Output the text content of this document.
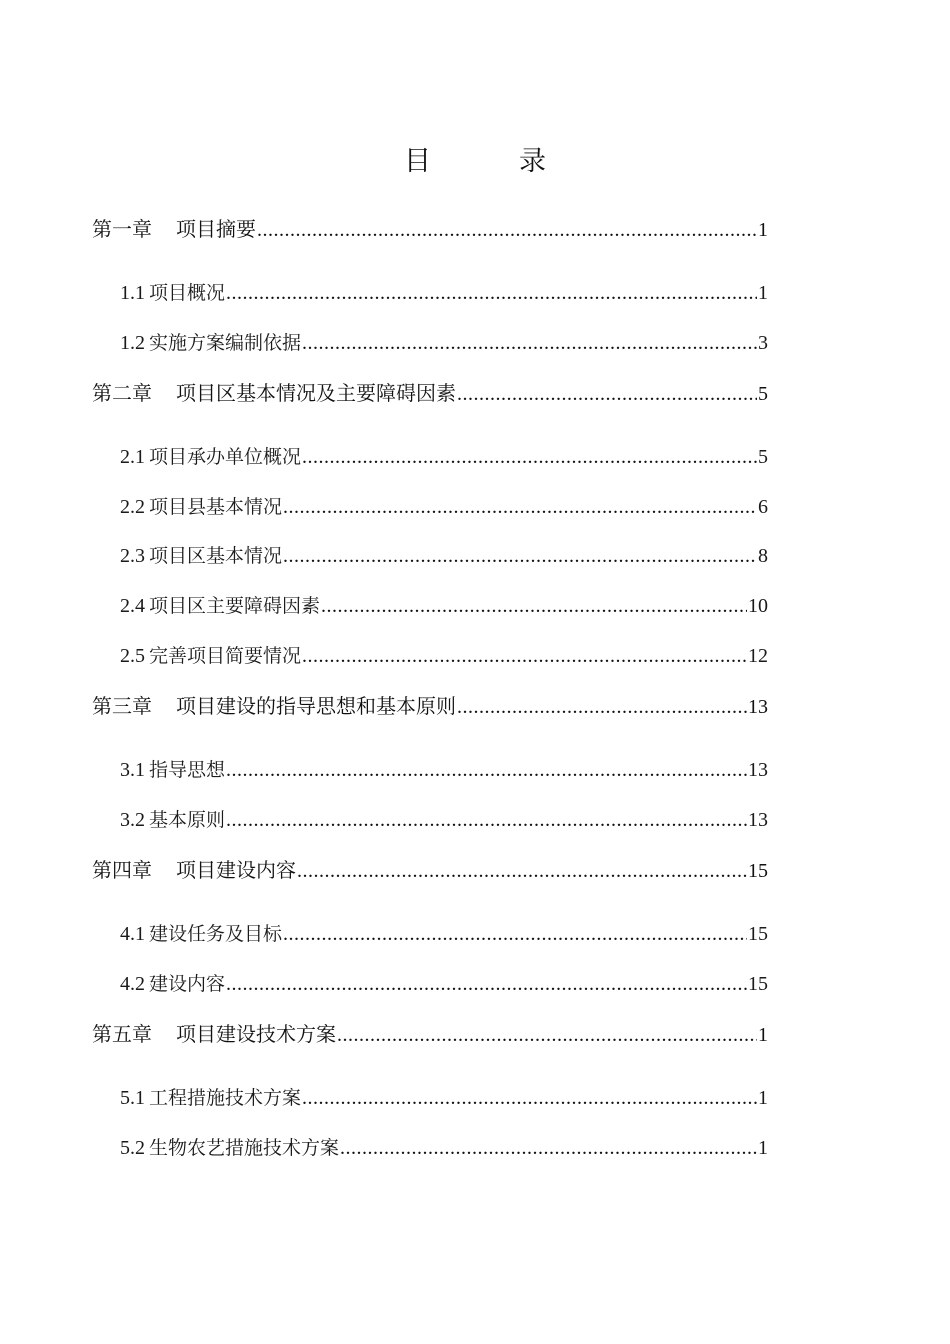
目	录
第一章 项目摘要 .....	1
1.1 项目概况 .....	1
1.2 实施方案编制依据 .....	3
第二章 项目区基本情况及主要障碍因素 .....	5
2.1 项目承办单位概况 .....	5
2.2 项目县基本情况 .....	6
2.3 项目区基本情况 .....	8
2.4 项目区主要障碍因素 .....	10
2.5 完善项目简要情况 .....	12
第三章 项目建设的指导思想和基本原则 .....	13
3.1 指导思想 .....	13
3.2 基本原则 .....	13
第四章 项目建设内容 .....	15
4.1 建设任务及目标 .....	15
4.2 建设内容 .....	15
第五章 项目建设技术方案 .....	1
5.1 工程措施技术方案 .....	1
5.2 生物农艺措施技术方案 .....	1
